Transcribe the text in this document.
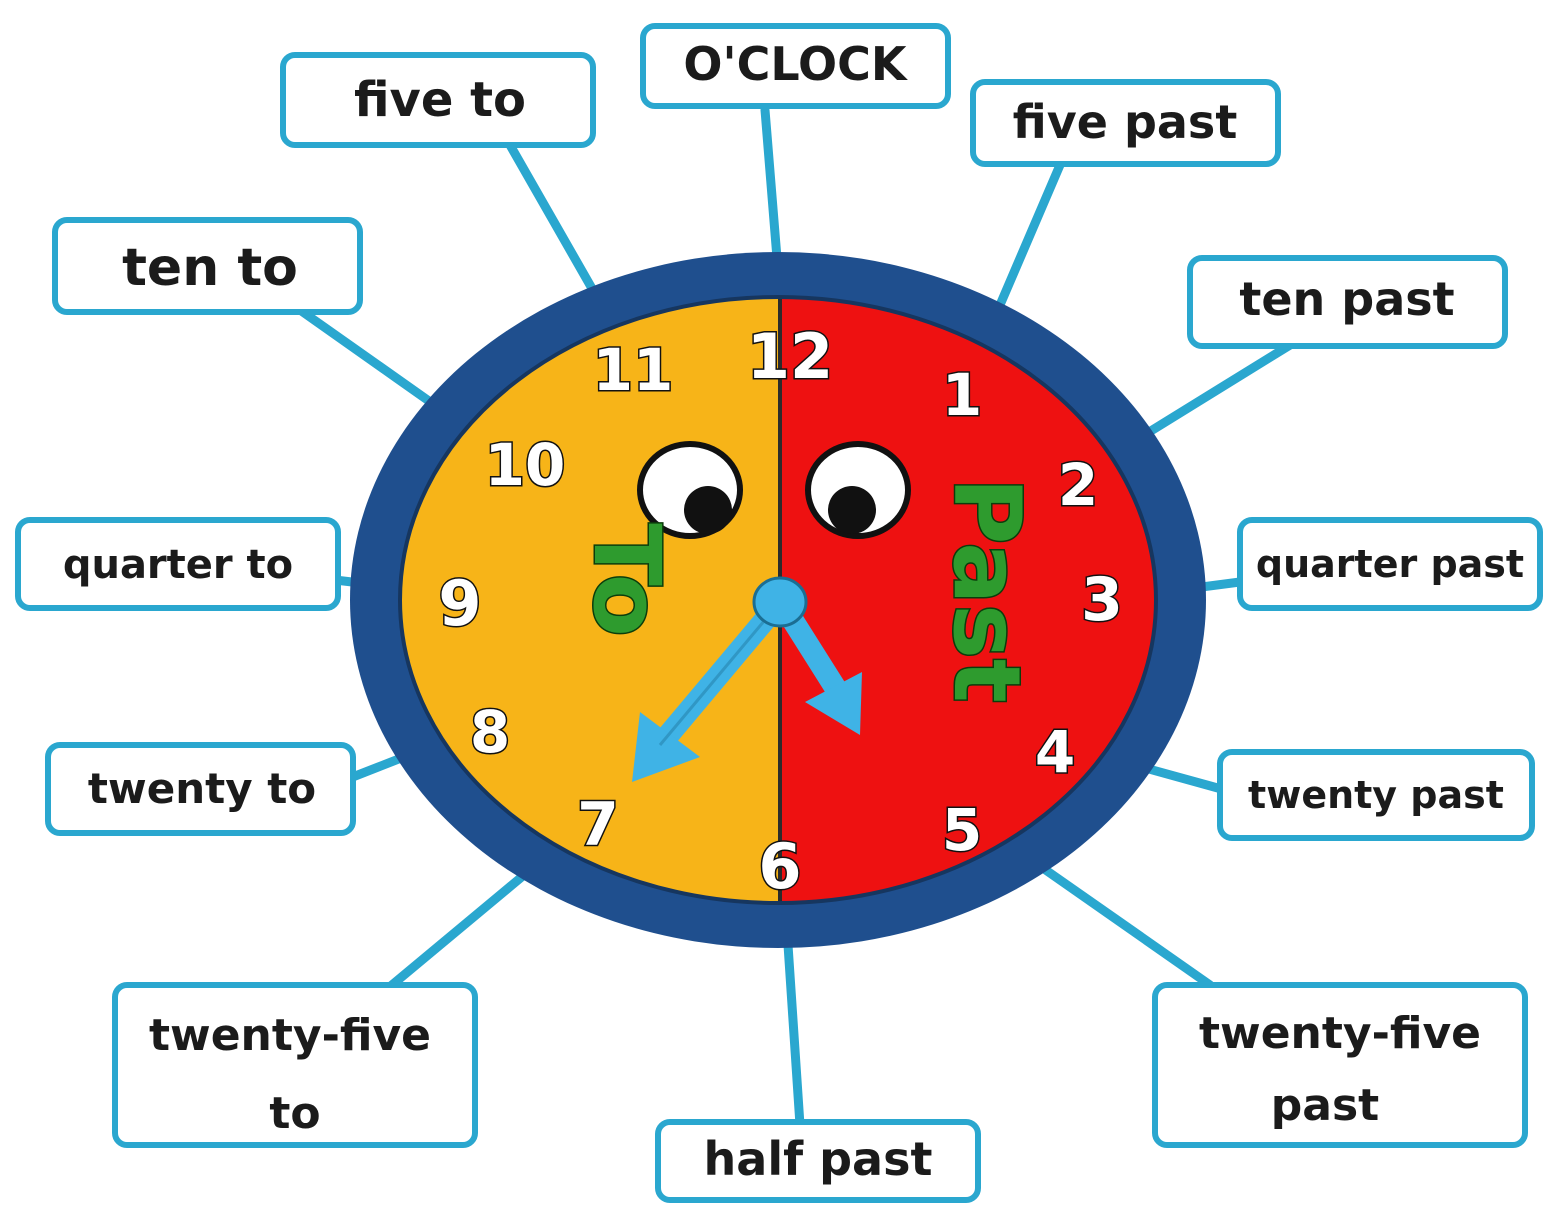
To	Past
12
1
2
3
4
5
6
7
8
9
10
11
O'CLOCK
five past
ten past
quarter past
twenty past
twenty-five
past
half past
twenty-five
to
twenty to
quarter to
ten to
five to
